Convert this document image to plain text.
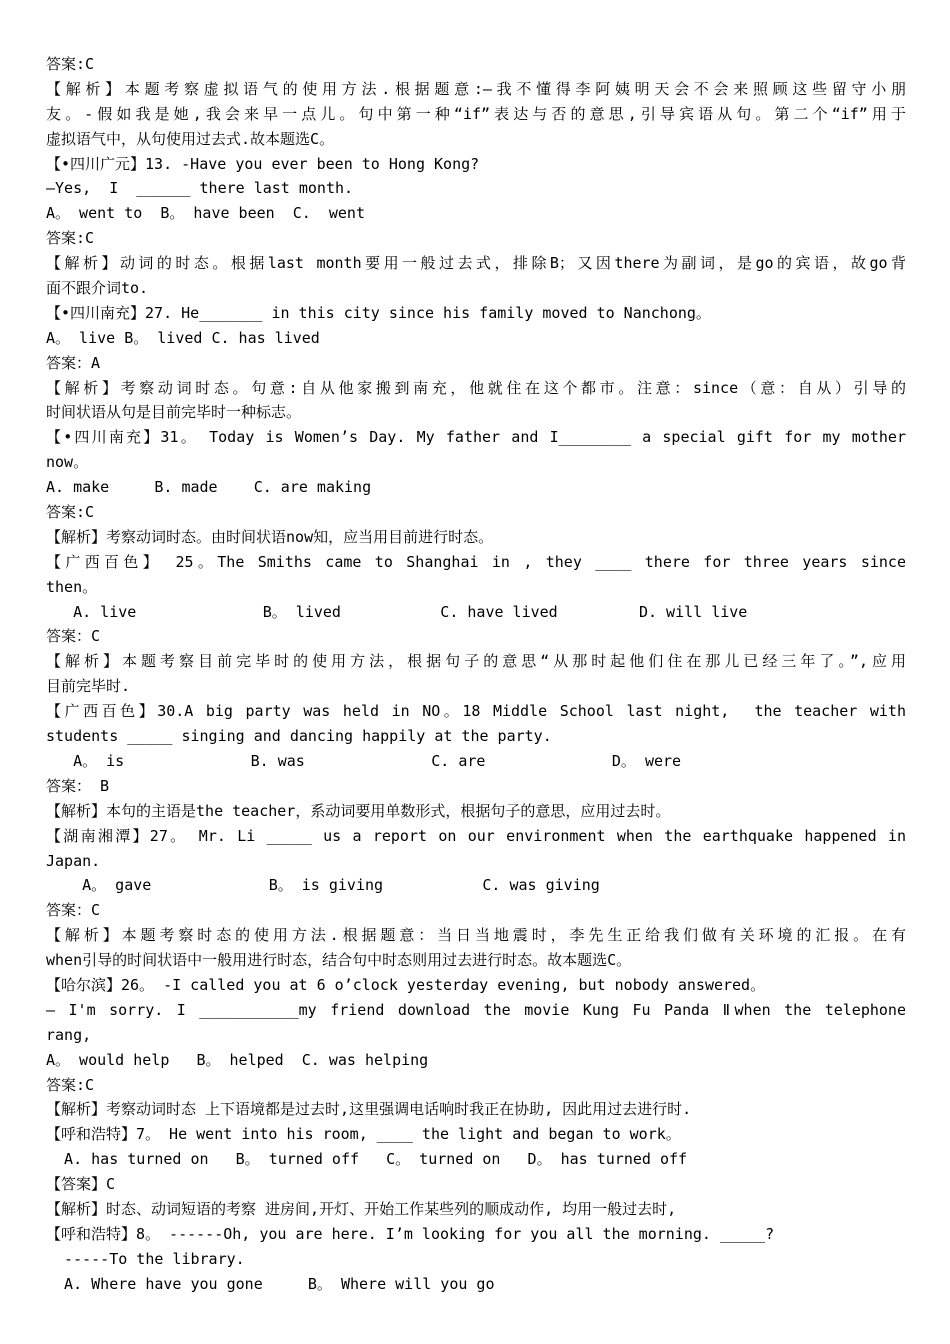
答案:C
【解析】本题考察虚拟语气的使用方法.根据题意:—我不懂得李阿姨明天会不会来照顾这些留守小朋
友。-假如我是她,我会来早一点儿。句中第一种“if”表达与否的意思,引导宾语从句。第二个“if”用于
虚拟语气中，从句使用过去式.故本题选C。
【•四川广元】13. -Have you ever been to Hong Kong?
—Yes,  I  ______ there last month.
A。 went to  B。 have been  C.  went
答案:C
【解析】动词的时态。根据last month要用一般过去式，排除B；又因there为副词，是go的宾语，故go背
面不跟介词to.
【•四川南充】27. He_______ in this city since his family moved to Nanchong。
A。 live B。 lived C. has lived
答案：A
【解析】考察动词时态。句意:自从他家搬到南充，他就住在这个都市。注意：since（意：自从）引导的
时间状语从句是目前完毕时一种标志。
【•四川南充】31。 Today is Women’s Day. My father and I________ a special gift for my mother
now。
A. make     B. made    C. are making
答案:C
【解析】考察动词时态。由时间状语now知，应当用目前进行时态。
【广西百色】 25。The Smiths came to Shanghai in , they ____ there for three years since
then。
A. live              B。 lived           C. have lived         D. will live
答案：C
【解析】本题考察目前完毕时的使用方法，根据句子的意思“从那时起他们住在那儿已经三年了。”,应用
目前完毕时.
【广西百色】30.A big party was held in NO。18 Middle School last night,  the teacher with
students _____ singing and dancing happily at the party.
A。 is              B. was              C. are              D。 were
答案： B
【解析】本句的主语是the teacher，系动词要用单数形式，根据句子的意思，应用过去时。
【湖南湘潭】27。 Mr. Li _____ us a report on our environment when the earthquake happened in
Japan.
A。 gave             B。 is giving           C. was giving
答案：C
【解析】本题考察时态的使用方法.根据题意：当日当地震时，李先生正给我们做有关环境的汇报。在有
when引导的时间状语中一般用进行时态，结合句中时态则用过去进行时态。故本题选C。
【哈尔滨】26。 -I called you at 6 o’clock yesterday evening, but nobody answered。
— I'm sorry. I ___________my friend download the movie Kung Fu Panda Ⅱwhen the telephone
rang,
A。 would help   B。 helped  C. was helping
答案:C
【解析】考察动词时态 上下语境都是过去时,这里强调电话响时我正在协助, 因此用过去进行时.
【呼和浩特】7。 He went into his room, ____ the light and began to work。
A. has turned on   B。 turned off   C。 turned on   D。 has turned off
【答案】C
【解析】时态、动词短语的考察 进房间,开灯、开始工作某些列的顺成动作, 均用一般过去时,
【呼和浩特】8。 ------Oh, you are here. I’m looking for you all the morning. _____?
-----To the library.
A. Where have you gone     B。 Where will you go
